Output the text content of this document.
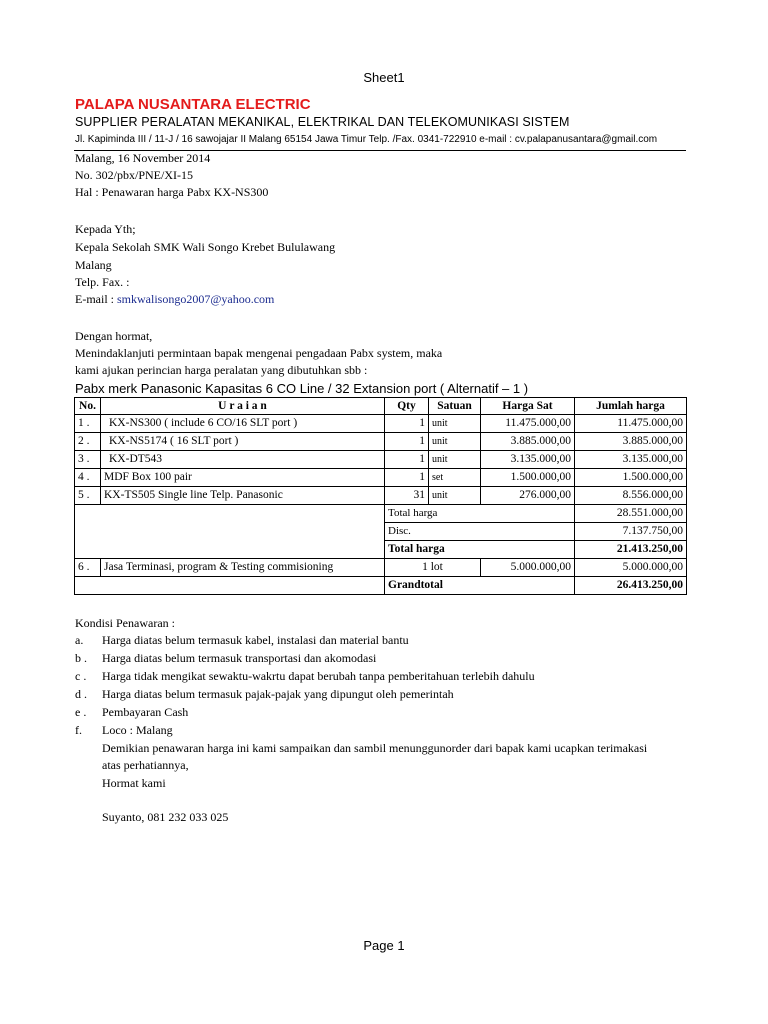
Sheet1
PALAPA NUSANTARA ELECTRIC
SUPPLIER PERALATAN MEKANIKAL, ELEKTRIKAL DAN TELEKOMUNIKASI SISTEM
Jl. Kapiminda III / 11-J / 16 sawojajar II Malang 65154 Jawa Timur Telp. /Fax. 0341-722910 e-mail : cv.palapanusantara@gmail.com
Malang, 16 November 2014
No. 302/pbx/PNE/XI-15
Hal : Penawaran harga Pabx KX-NS300
Kepada Yth;
Kepala Sekolah SMK Wali Songo Krebet Bululawang
Malang
Telp. Fax. :
E-mail : smkwalisongo2007@yahoo.com
Dengan hormat,
Menindaklanjuti permintaan bapak mengenai pengadaan Pabx system, maka
kami ajukan perincian harga peralatan yang dibutuhkan sbb :
Pabx merk Panasonic Kapasitas 6 CO Line / 32 Extansion port ( Alternatif – 1 )
No.	U r a i a n	Qty	Satuan	Harga Sat	Jumlah harga
1 .	KX-NS300 ( include 6 CO/16 SLT port )	1	unit	11.475.000,00	11.475.000,00
2 .	KX-NS5174 ( 16 SLT port )	1	unit	3.885.000,00	3.885.000,00
3 .	KX-DT543	1	unit	3.135.000,00	3.135.000,00
4 .	MDF Box 100 pair	1	set	1.500.000,00	1.500.000,00
5 .	KX-TS505 Single line Telp. Panasonic	31	unit	276.000,00	8.556.000,00
		Total harga			28.551.000,00
		Disc.			7.137.750,00
		Total harga			21.413.250,00
6 .	Jasa Terminasi, program & Testing commisioning	1 lot		5.000.000,00	5.000.000,00
		Grandtotal			26.413.250,00
Kondisi Penawaran :
a. Harga diatas belum termasuk kabel, instalasi dan material bantu
b . Harga diatas belum termasuk transportasi dan akomodasi
c . Harga tidak mengikat sewaktu-wakrtu dapat berubah tanpa pemberitahuan terlebih dahulu
d . Harga diatas belum termasuk pajak-pajak yang dipungut oleh pemerintah
e . Pembayaran Cash
f. Loco : Malang
Demikian penawaran harga ini kami sampaikan dan sambil menunggunorder dari bapak kami ucapkan terimakasi
atas perhatiannya,
Hormat kami
Suyanto, 081 232 033 025
Page 1
